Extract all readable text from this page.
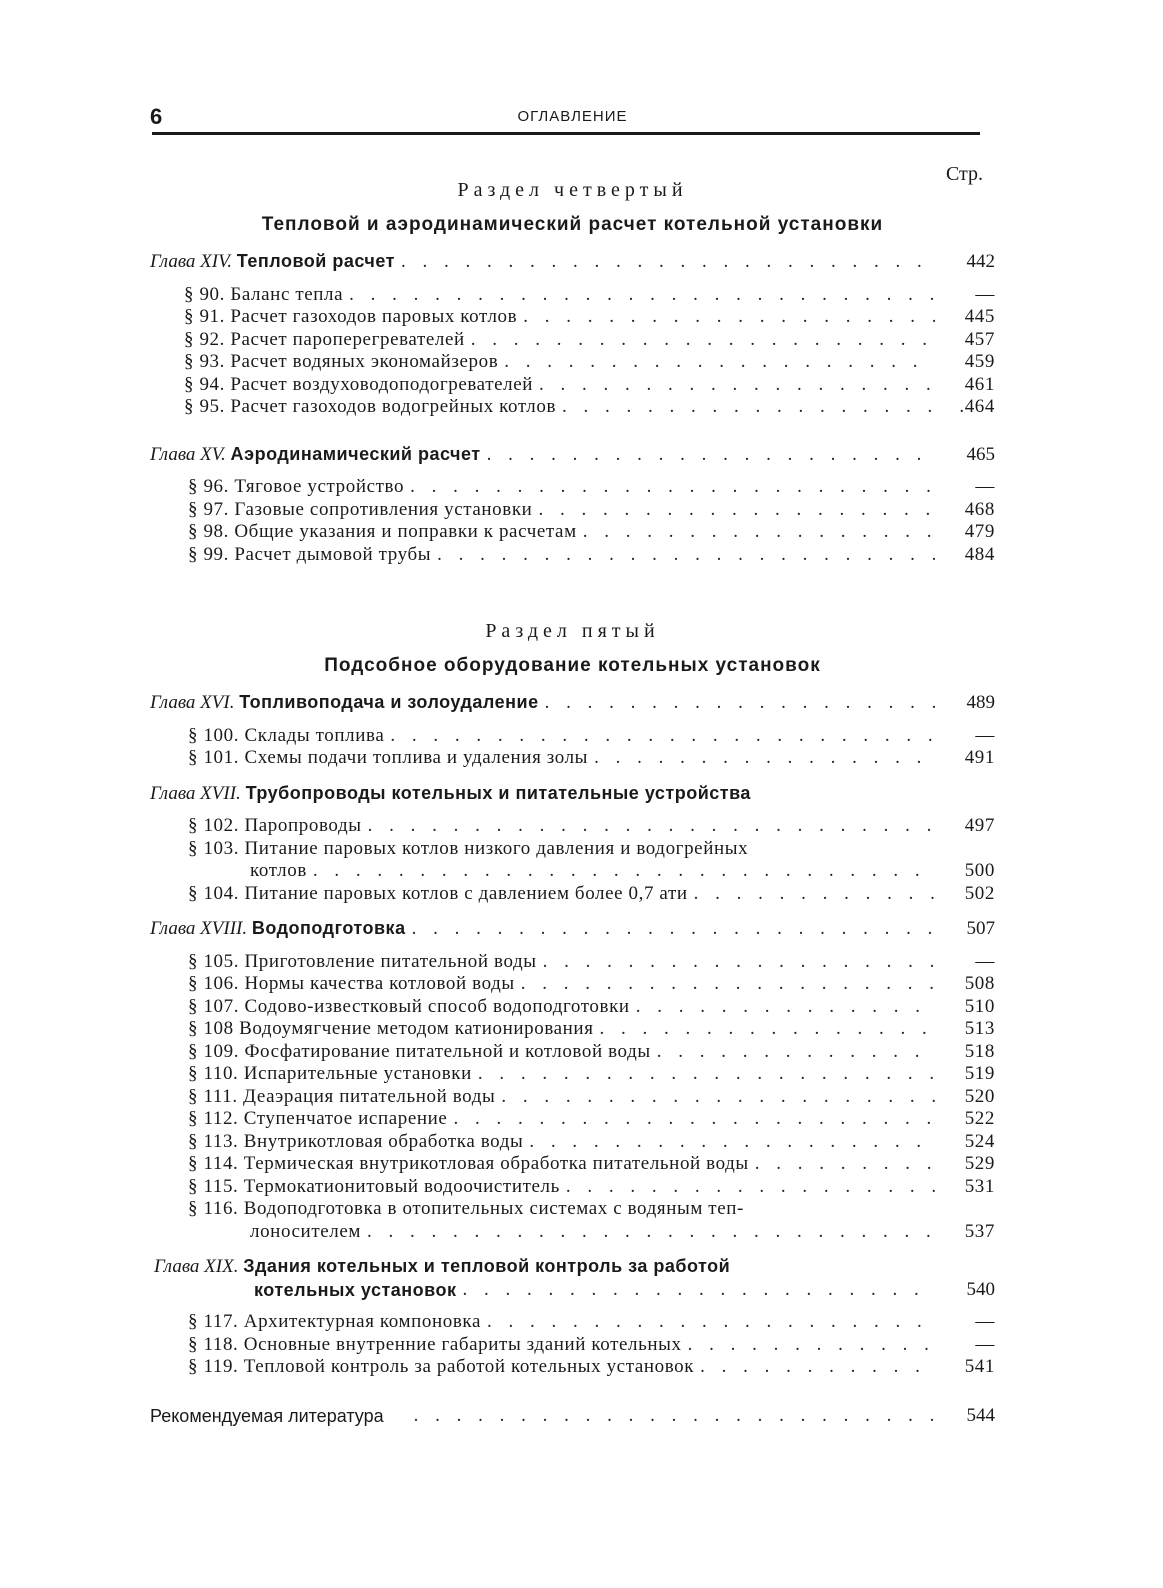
6	ОГЛАВЛЕНИЕ
Стр.
Раздел четвертый
Тепловой и аэродинамический расчет котельной установки
Глава XIV. Тепловой расчет . . .	442
§ 90. Баланс тепла . . .	—
§ 91. Расчет газоходов паровых котлов . . .	445
§ 92. Расчет пароперегревателей . . .	457
§ 93. Расчет водяных экономайзеров . . .	459
§ 94. Расчет воздуховодоподогревателей . . .	461
§ 95. Расчет газоходов водогрейных котлов . . .	.464
Глава XV. Аэродинамический расчет . . .	465
§ 96. Тяговое устройство . . .	—
§ 97. Газовые сопротивления установки . . .	468
§ 98. Общие указания и поправки к расчетам . . .	479
§ 99. Расчет дымовой трубы . . .	484
Раздел пятый
Подсобное оборудование котельных установок
Глава XVI. Топливоподача и золоудаление . . .	489
§ 100. Склады топлива . . .	—
§ 101. Схемы подачи топлива и удаления золы . . .	491
Глава XVII. Трубопроводы котельных и питательные устройства
§ 102. Паропроводы . . .	497
§ 103. Питание паровых котлов низкого давления и водогрейных
котлов . . .	500
§ 104. Питание паровых котлов с давлением более 0,7 ати . . .	502
Глава XVIII. Водоподготовка . . .	507
§ 105. Приготовление питательной воды . . .	—
§ 106. Нормы качества котловой воды . . .	508
§ 107. Содово-известковый способ водоподготовки . . .	510
§ 108 Водоумягчение методом катионирования . . .	513
§ 109. Фосфатирование питательной и котловой воды . . .	518
§ 110. Испарительные установки . . .	519
§ 111. Деаэрация питательной воды . . .	520
§ 112. Ступенчатое испарение . . .	522
§ 113. Внутрикотловая обработка воды . . .	524
§ 114. Термическая внутрикотловая обработка питательной воды . . .	529
§ 115. Термокатионитовый водоочиститель . . .	531
§ 116. Водоподготовка в отопительных системах с водяным теп-
лоносителем . . .	537
Глава XIX. Здания котельных и тепловой контроль за работой
котельных установок . . .	540
§ 117. Архитектурная компоновка . . .	—
§ 118. Основные внутренние габариты зданий котельных . . .	—
§ 119. Тепловой контроль за работой котельных установок . . .	541
Рекомендуемая литература . . .	544
